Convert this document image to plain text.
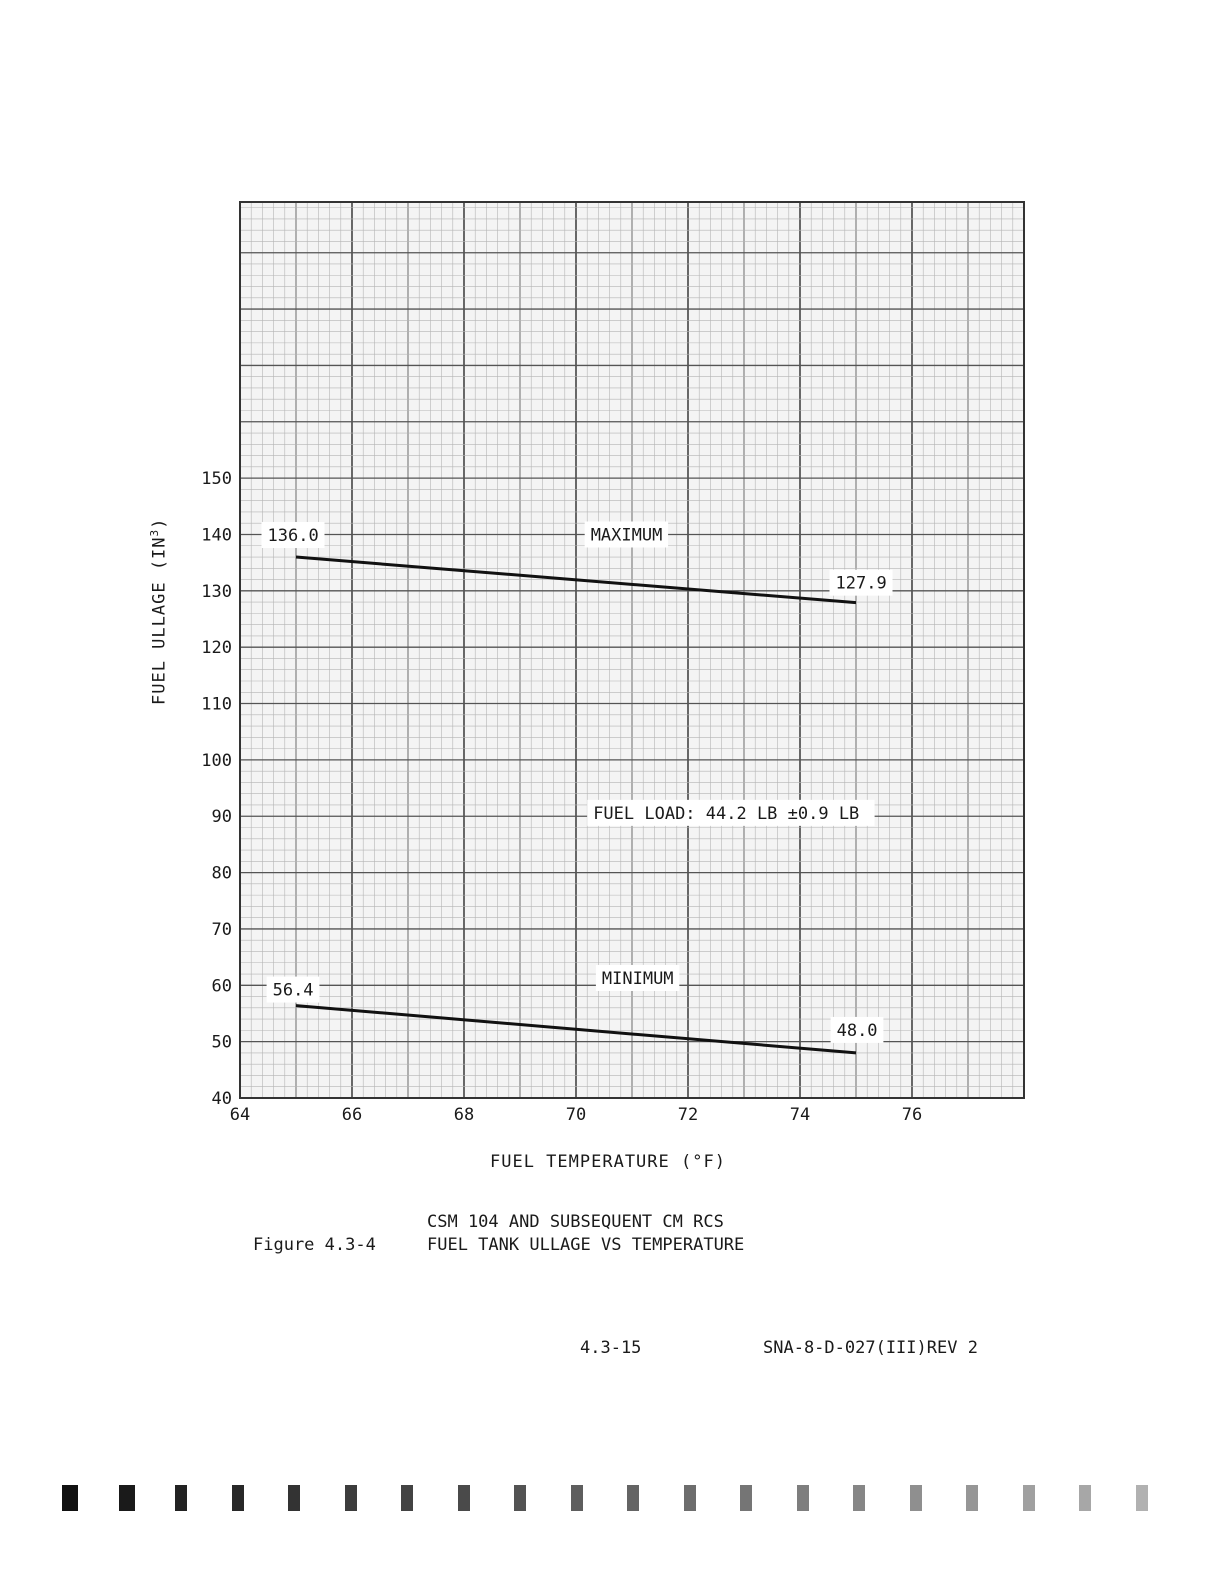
64	66	68	70	72	74	76
40
50
60
70
80
90
100
110
120
130
140
150
136.0
127.9
56.4
48.0
MAXIMUM
MINIMUM
FUEL LOAD: 44.2 LB ±0.9 LB
FUEL ULLAGE $(IN^3)$
FUEL TEMPERATURE (°F)
Figure 4.3-4
CSM 104 AND SUBSEQUENT CM RCS
FUEL TANK ULLAGE VS TEMPERATURE
4.3-15	SNA-8-D-027(III)REV 2
